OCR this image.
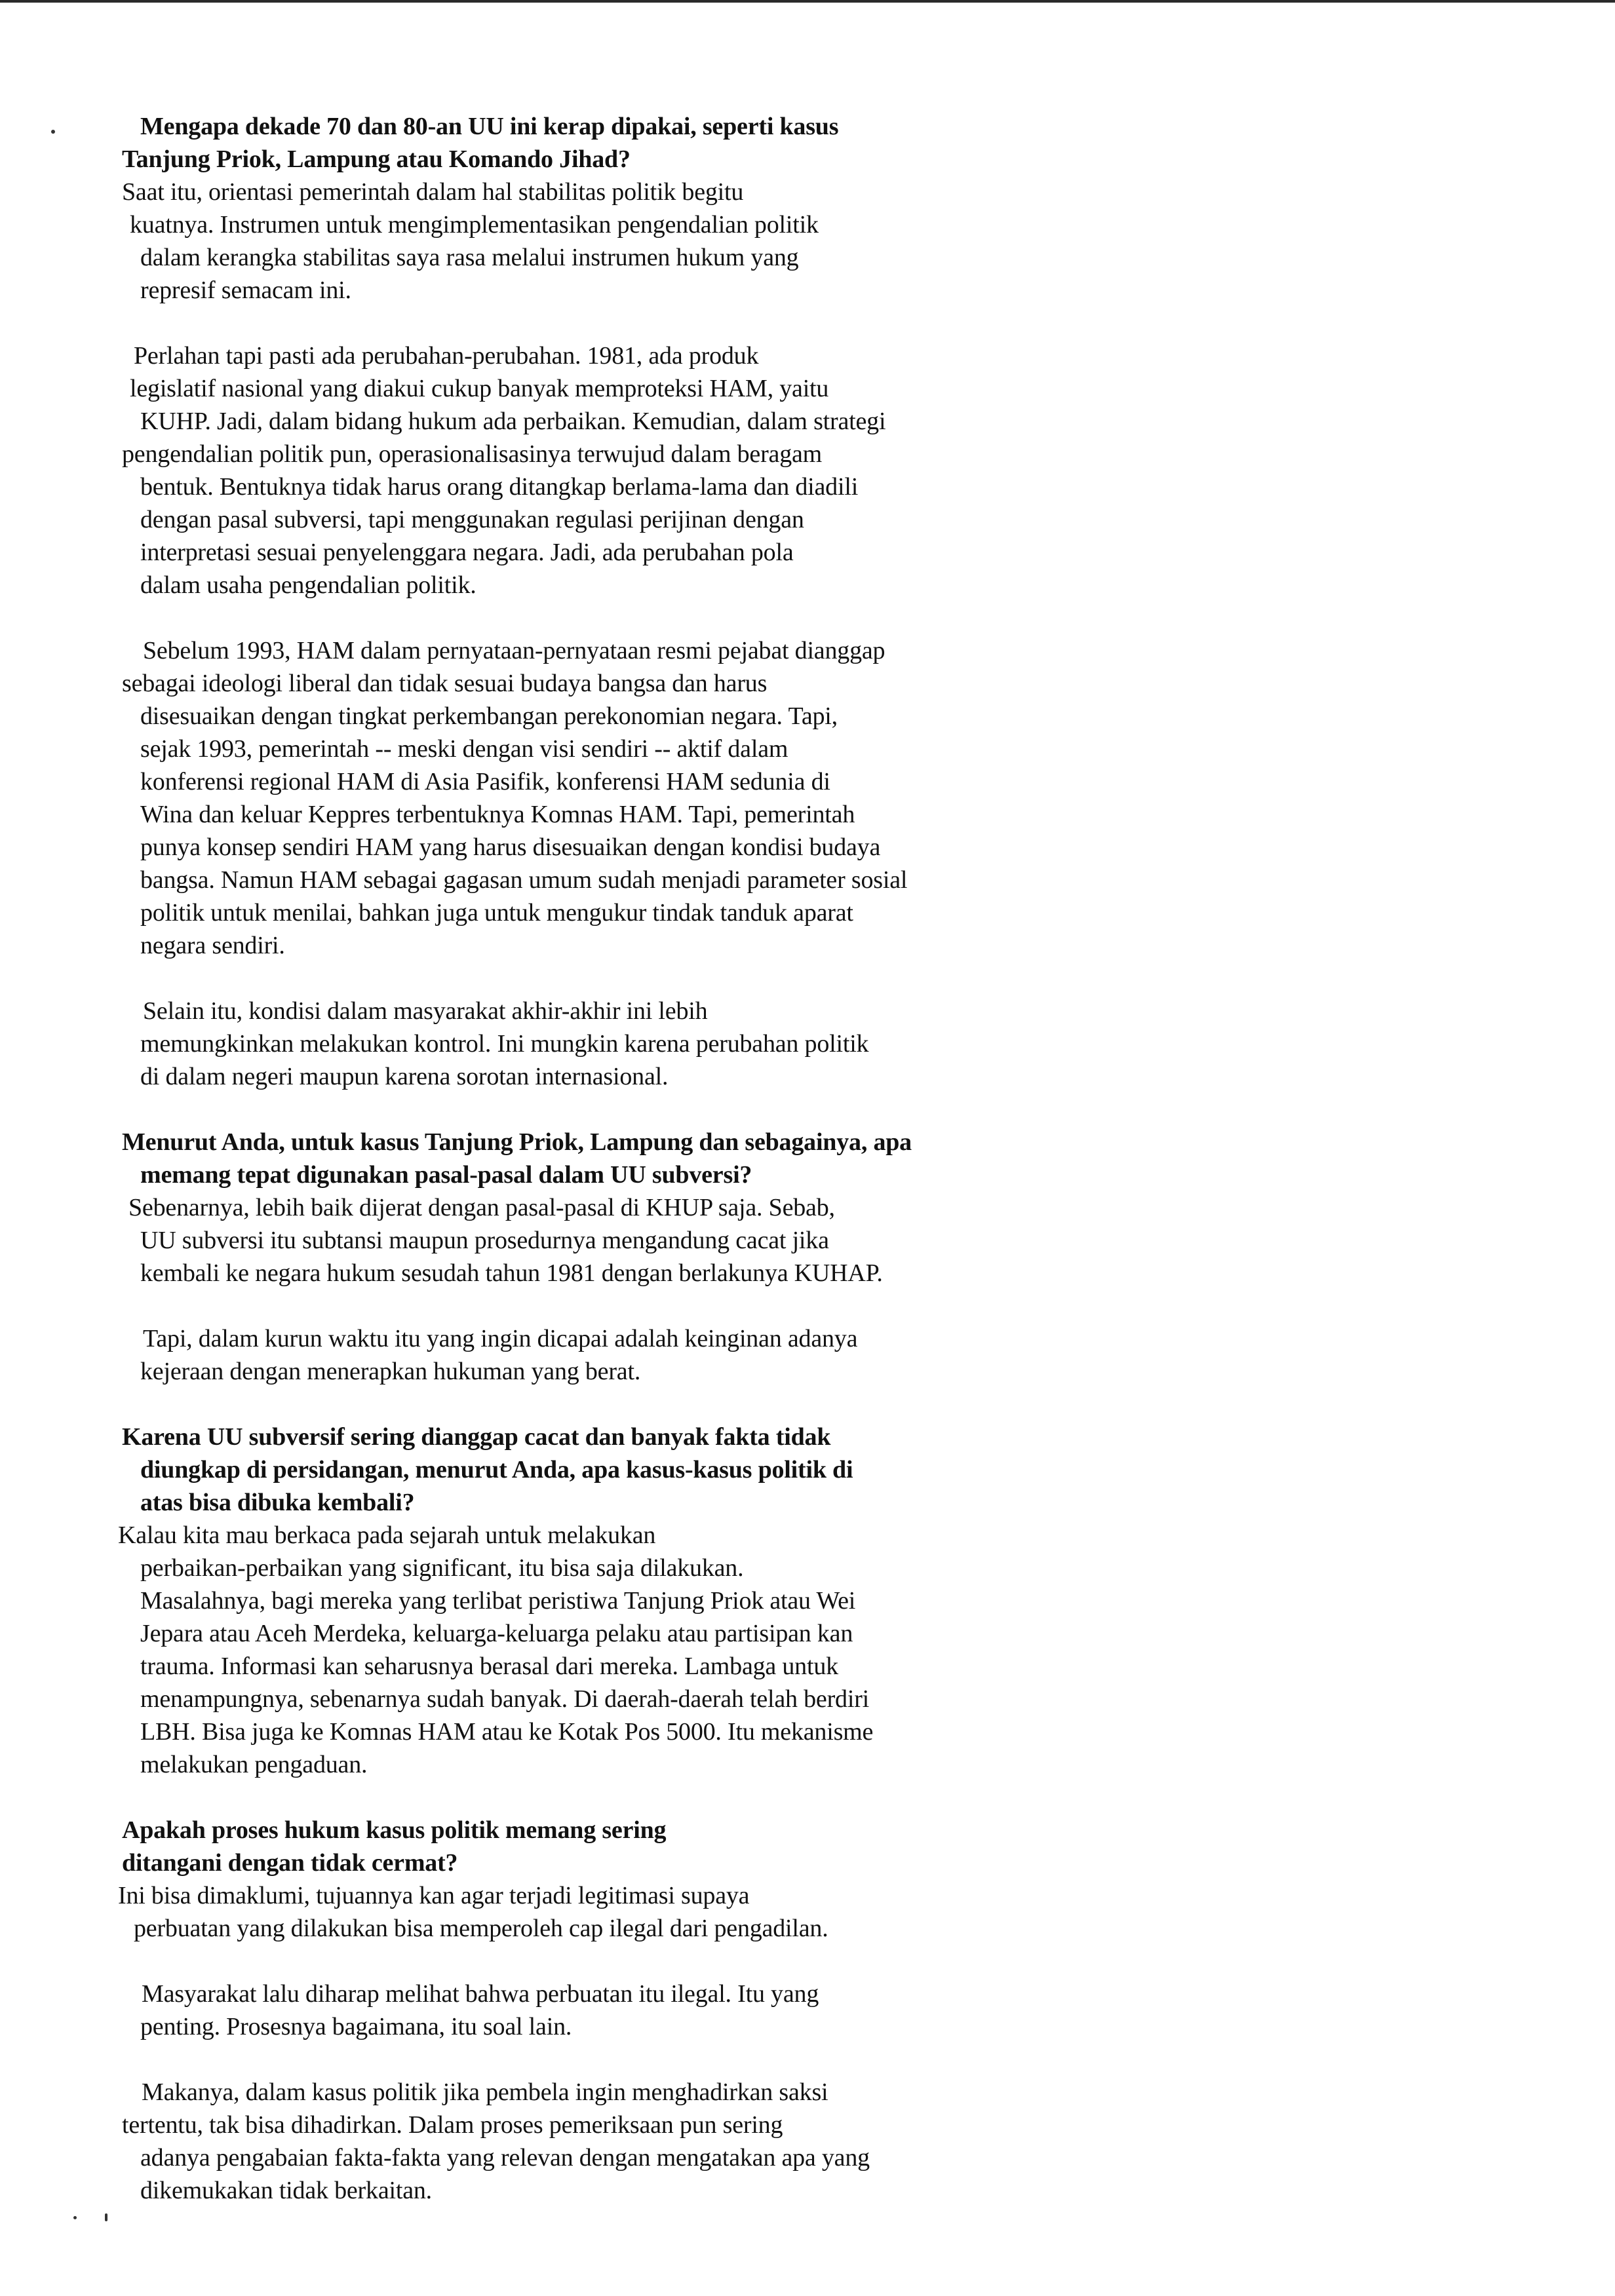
Mengapa dekade 70 dan 80-an UU ini kerap dipakai, seperti kasus
Tanjung Priok, Lampung atau Komando Jihad?
Saat itu, orientasi pemerintah dalam hal stabilitas politik begitu
kuatnya. Instrumen untuk mengimplementasikan pengendalian politik
dalam kerangka stabilitas saya rasa melalui instrumen hukum yang
represif semacam ini.
Perlahan tapi pasti ada perubahan-perubahan. 1981, ada produk
legislatif nasional yang diakui cukup banyak memproteksi HAM, yaitu
KUHP. Jadi, dalam bidang hukum ada perbaikan. Kemudian, dalam strategi
pengendalian politik pun, operasionalisasinya terwujud dalam beragam
bentuk. Bentuknya tidak harus orang ditangkap berlama-lama dan diadili
dengan pasal subversi, tapi menggunakan regulasi perijinan dengan
interpretasi sesuai penyelenggara negara. Jadi, ada perubahan pola
dalam usaha pengendalian politik.
Sebelum 1993, HAM dalam pernyataan-pernyataan resmi pejabat dianggap
sebagai ideologi liberal dan tidak sesuai budaya bangsa dan harus
disesuaikan dengan tingkat perkembangan perekonomian negara. Tapi,
sejak 1993, pemerintah -- meski dengan visi sendiri -- aktif dalam
konferensi regional HAM di Asia Pasifik, konferensi HAM sedunia di
Wina dan keluar Keppres terbentuknya Komnas HAM. Tapi, pemerintah
punya konsep sendiri HAM yang harus disesuaikan dengan kondisi budaya
bangsa. Namun HAM sebagai gagasan umum sudah menjadi parameter sosial
politik untuk menilai, bahkan juga untuk mengukur tindak tanduk aparat
negara sendiri.
Selain itu, kondisi dalam masyarakat akhir-akhir ini lebih
memungkinkan melakukan kontrol. Ini mungkin karena perubahan politik
di dalam negeri maupun karena sorotan internasional.
Menurut Anda, untuk kasus Tanjung Priok, Lampung dan sebagainya, apa
memang tepat digunakan pasal-pasal dalam UU subversi?
Sebenarnya, lebih baik dijerat dengan pasal-pasal di KHUP saja. Sebab,
UU subversi itu subtansi maupun prosedurnya mengandung cacat jika
kembali ke negara hukum sesudah tahun 1981 dengan berlakunya KUHAP.
Tapi, dalam kurun waktu itu yang ingin dicapai adalah keinginan adanya
kejeraan dengan menerapkan hukuman yang berat.
Karena UU subversif sering dianggap cacat dan banyak fakta tidak
diungkap di persidangan, menurut Anda, apa kasus-kasus politik di
atas bisa dibuka kembali?
Kalau kita mau berkaca pada sejarah untuk melakukan
perbaikan-perbaikan yang significant, itu bisa saja dilakukan.
Masalahnya, bagi mereka yang terlibat peristiwa Tanjung Priok atau Wei
Jepara atau Aceh Merdeka, keluarga-keluarga pelaku atau partisipan kan
trauma. Informasi kan seharusnya berasal dari mereka. Lambaga untuk
menampungnya, sebenarnya sudah banyak. Di daerah-daerah telah berdiri
LBH. Bisa juga ke Komnas HAM atau ke Kotak Pos 5000. Itu mekanisme
melakukan pengaduan.
Apakah proses hukum kasus politik memang sering
ditangani dengan tidak cermat?
Ini bisa dimaklumi, tujuannya kan agar terjadi legitimasi supaya
perbuatan yang dilakukan bisa memperoleh cap ilegal dari pengadilan.
Masyarakat lalu diharap melihat bahwa perbuatan itu ilegal. Itu yang
penting. Prosesnya bagaimana, itu soal lain.
Makanya, dalam kasus politik jika pembela ingin menghadirkan saksi
tertentu, tak bisa dihadirkan. Dalam proses pemeriksaan pun sering
adanya pengabaian fakta-fakta yang relevan dengan mengatakan apa yang
dikemukakan tidak berkaitan.
